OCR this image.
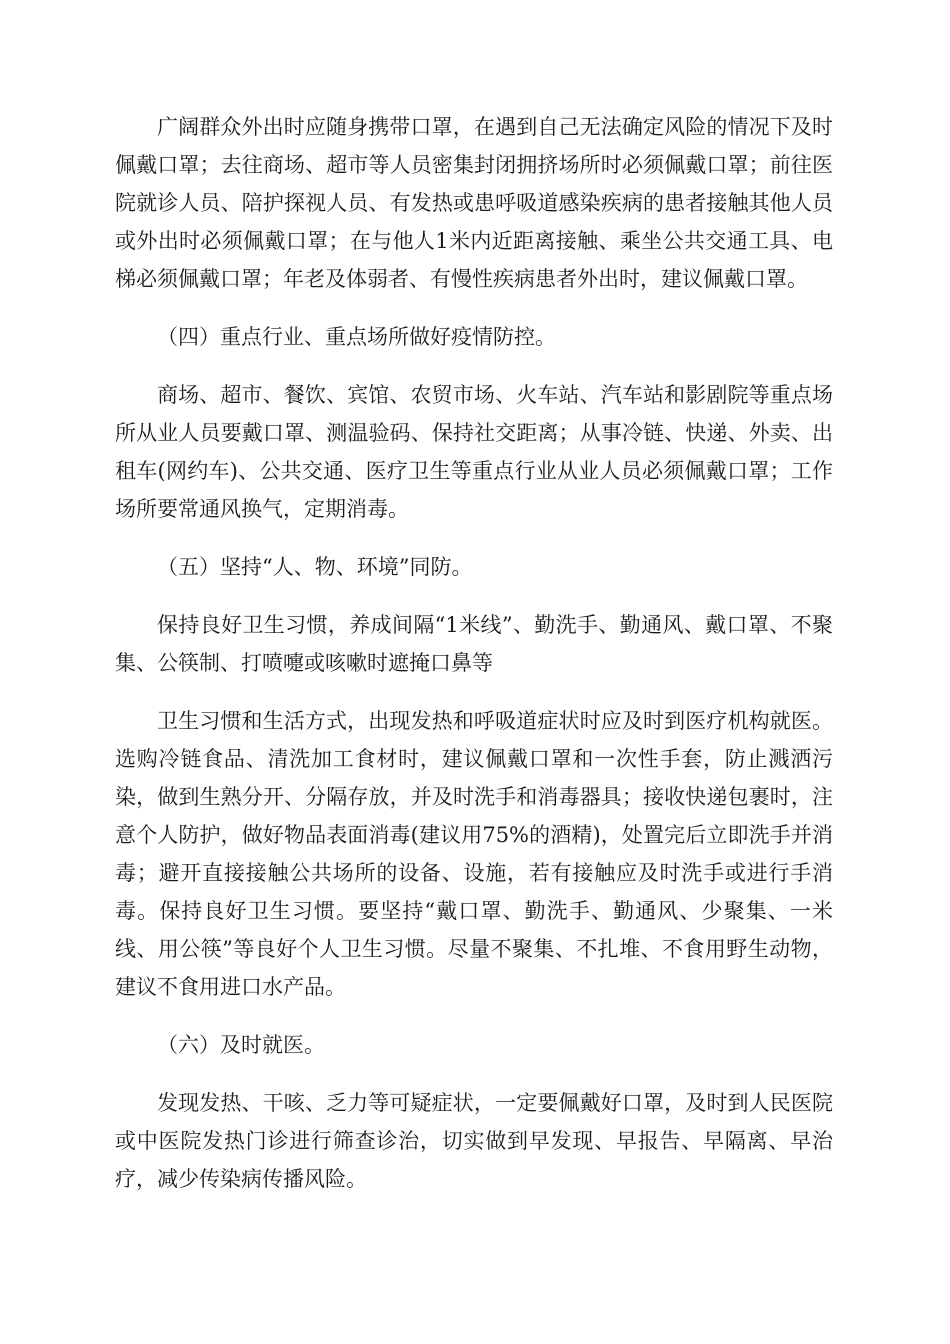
广阔群众外出时应随身携带口罩，在遇到自己无法确定风险的情况下及时佩戴口罩；去往商场、超市等人员密集封闭拥挤场所时必须佩戴口罩；前往医院就诊人员、陪护探视人员、有发热或患呼吸道感染疾病的患者接触其他人员或外出时必须佩戴口罩；在与他人1米内近距离接触、乘坐公共交通工具、电梯必须佩戴口罩；年老及体弱者、有慢性疾病患者外出时，建议佩戴口罩。

（四）重点行业、重点场所做好疫情防控。

商场、超市、餐饮、宾馆、农贸市场、火车站、汽车站和影剧院等重点场所从业人员要戴口罩、测温验码、保持社交距离；从事冷链、快递、外卖、出租车(网约车)、公共交通、医疗卫生等重点行业从业人员必须佩戴口罩；工作场所要常通风换气，定期消毒。

（五）坚持“人、物、环境”同防。

保持良好卫生习惯，养成间隔“1米线”、勤洗手、勤通风、戴口罩、不聚集、公筷制、打喷嚏或咳嗽时遮掩口鼻等

卫生习惯和生活方式，出现发热和呼吸道症状时应及时到医疗机构就医。选购冷链食品、清洗加工食材时，建议佩戴口罩和一次性手套，防止溅洒污染，做到生熟分开、分隔存放，并及时洗手和消毒器具；接收快递包裹时，注意个人防护，做好物品表面消毒(建议用75%的酒精)，处置完后立即洗手并消毒；避开直接接触公共场所的设备、设施，若有接触应及时洗手或进行手消毒。保持良好卫生习惯。要坚持“戴口罩、勤洗手、勤通风、少聚集、一米线、用公筷”等良好个人卫生习惯。尽量不聚集、不扎堆、不食用野生动物，建议不食用进口水产品。

（六）及时就医。

发现发热、干咳、乏力等可疑症状，一定要佩戴好口罩，及时到人民医院或中医院发热门诊进行筛查诊治，切实做到早发现、早报告、早隔离、早治疗，减少传染病传播风险。
